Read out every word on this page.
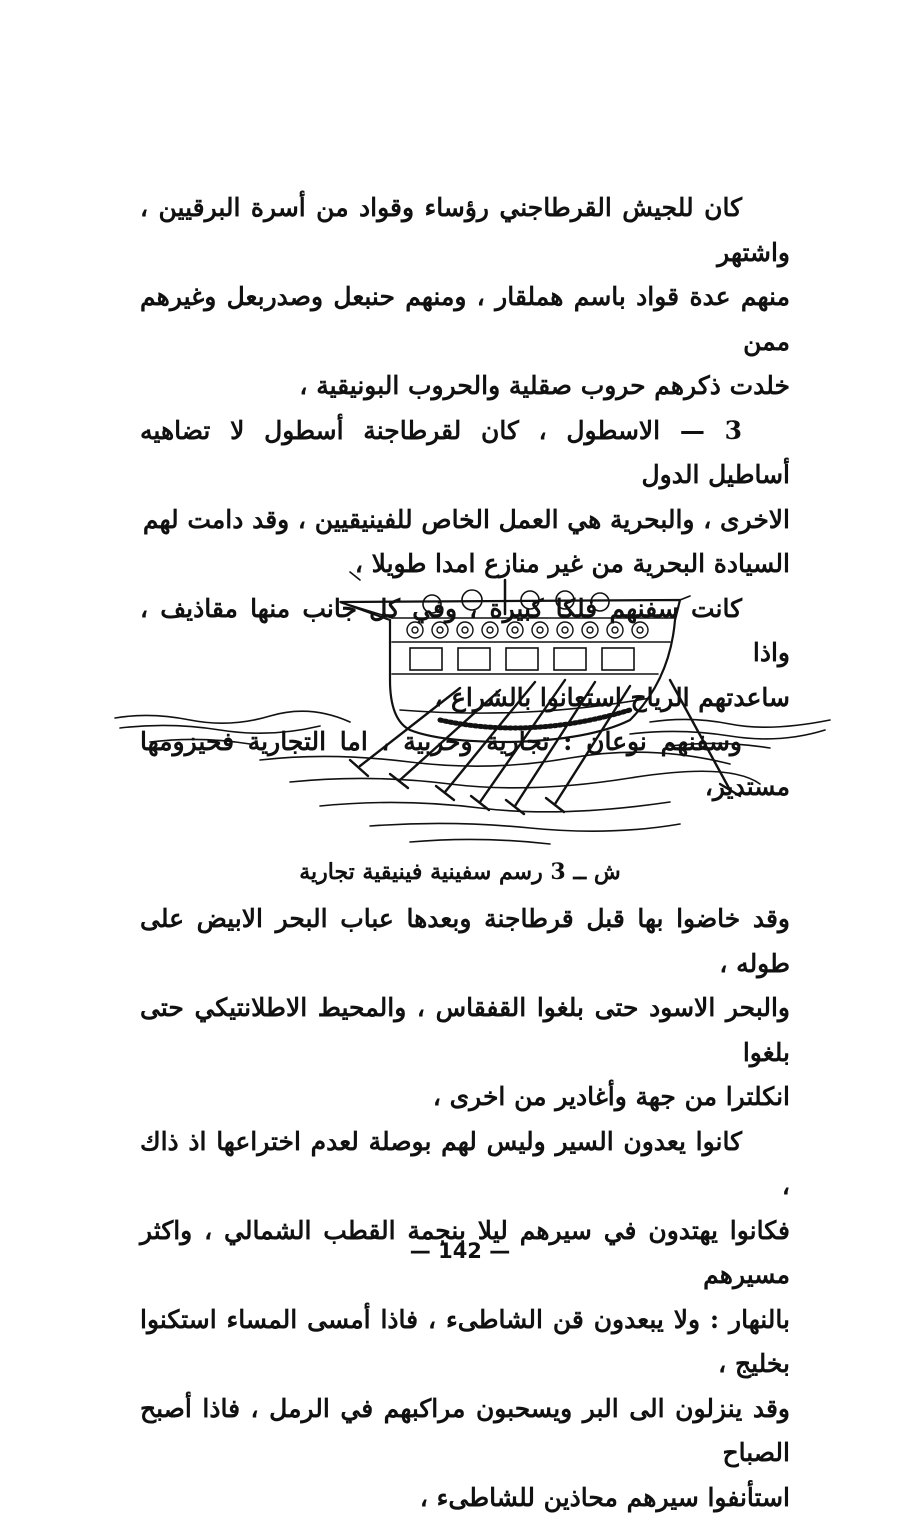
كان للجيش القرطاجني رؤساء وقواد من أسرة البرقيين ، واشتهر

منهم عدة قواد باسم هملقار ، ومنهم حنبعل وصدربعل وغيرهم ممن

خلدت ذكرهم حروب صقلية والحروب البونيقية ،

3 — الاسطول ، كان لقرطاجنة أسطول لا تضاهيه أساطيل الدول

الاخرى ، والبحرية هي العمل الخاص للفينيقيين ، وقد دامت لهم

السيادة البحرية من غير منازع امدا طويلا ،

كانت سفنهم فلكا كبيرة ، وفي كل جانب منها مقاذيف ، واذا

ساعدتهم الرياح استعانوا بالشراع ،

وسفنهم نوعان : تجارية وحربية ، اما التجارية فحيزومها مستدير،

ش ــ 3 رسم سفينية فينيقية تجارية

وقد خاضوا بها قبل قرطاجنة وبعدها عباب البحر الابيض على طوله ،

والبحر الاسود حتى بلغوا القفقاس ، والمحيط الاطلانتيكي حتى بلغوا

انكلترا من جهة وأغادير من اخرى ،

كانوا يعدون السير وليس لهم بوصلة لعدم اختراعها اذ ذاك ،

فكانوا يهتدون في سيرهم ليلا بنجمة القطب الشمالي ، واكثر مسيرهم

بالنهار : ولا يبعدون قن الشاطىء ، فاذا أمسى المساء استكنوا بخليج ،

وقد ينزلون الى البر ويسحبون مراكبهم في الرمل ، فاذا أصبح الصباح

استأنفوا سيرهم محاذين للشاطىء ،

— 142 —
